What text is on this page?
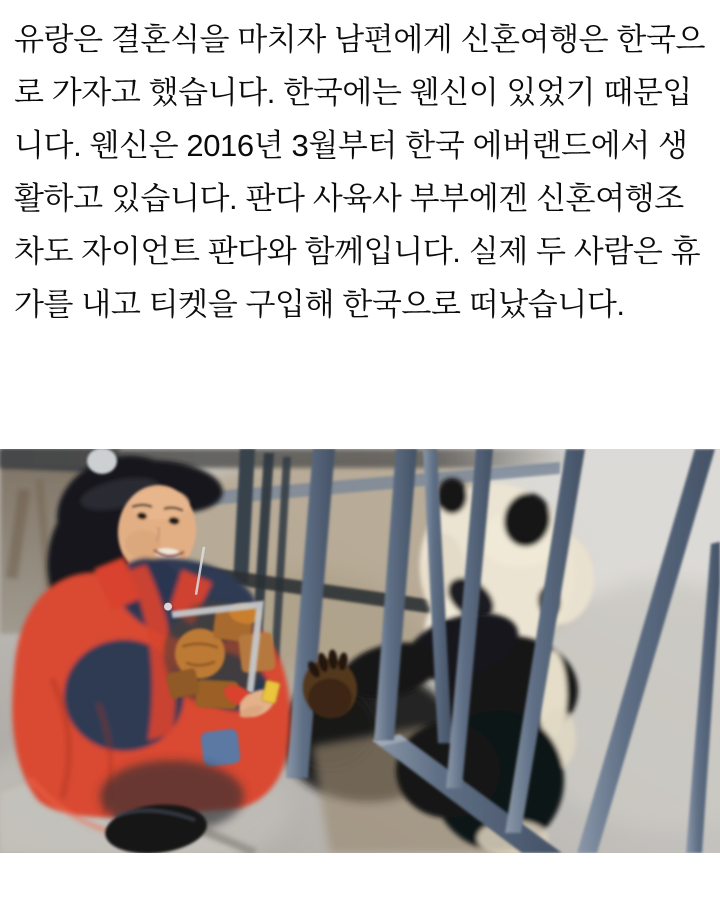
유랑은 결혼식을 마치자 남편에게 신혼여행은 한국으로 가자고 했습니다. 한국에는 웬신이 있었기 때문입니다. 웬신은 2016년 3월부터 한국 에버랜드에서 생활하고 있습니다. 판다 사육사 부부에겐 신혼여행조차도 자이언트 판다와 함께입니다. 실제 두 사람은 휴가를 내고 티켓을 구입해 한국으로 떠났습니다.
